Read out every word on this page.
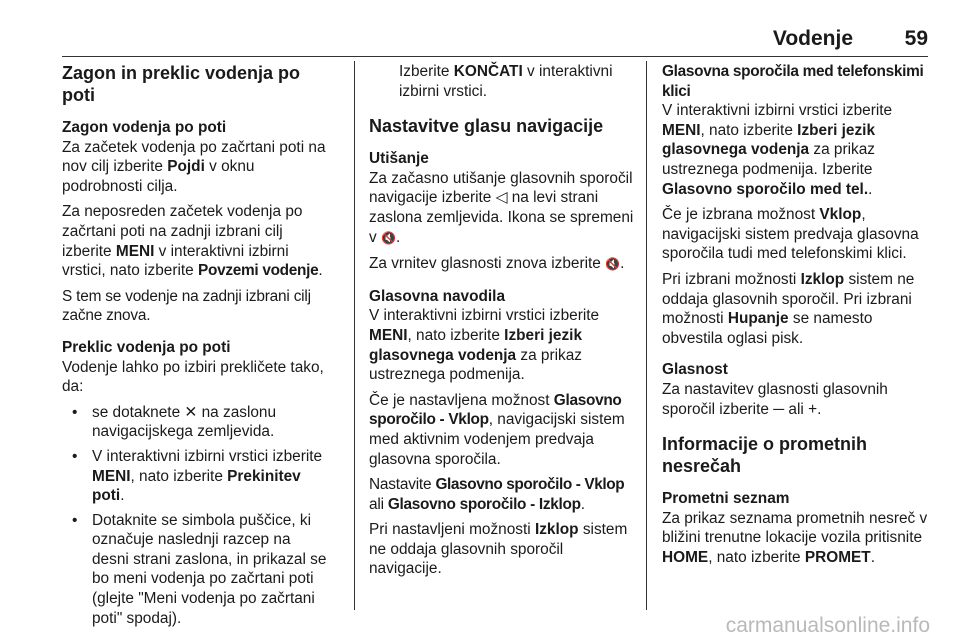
Vodenje	59
Zagon in preklic vodenja po poti
Zagon vodenja po poti

Za začetek vodenja po začrtani poti na nov cilj izberite Pojdi v oknu podrobnosti cilja.

Za neposreden začetek vodenja po začrtani poti na zadnji izbrani cilj izberite MENI v interaktivni izbirni vrstici, nato izberite Povzemi vodenje.

S tem se vodenje na zadnji izbrani cilj začne znova.

Preklic vodenja po poti

Vodenje lahko po izbiri prekličete tako, da:

• se dotaknete ✕ na zaslonu navigacijskega zemljevida.
• V interaktivni izbirni vrstici izberite MENI, nato izberite Prekinitev poti.
• Dotaknite se simbola puščice, ki označuje naslednji razcep na desni strani zaslona, in prikazal se bo meni vodenja po začrtani poti (glejte "Meni vodenja po začrtani poti" spodaj).

Izberite KONČATI v interaktivni izbirni vrstici.

Nastavitve glasu navigacije
Utišanje

Za začasno utišanje glasovnih sporočil navigacije izberite ◁ na levi strani zaslona zemljevida. Ikona se spremeni v 🔇.

Za vrnitev glasnosti znova izberite 🔇.

Glasovna navodila

V interaktivni izbirni vrstici izberite MENI, nato izberite Izberi jezik glasovnega vodenja za prikaz ustreznega podmenija.

Če je nastavljena možnost Glasovno sporočilo - Vklop, navigacijski sistem med aktivnim vodenjem predvaja glasovna sporočila.

Nastavite Glasovno sporočilo - Vklop ali Glasovno sporočilo - Izklop.

Pri nastavljeni možnosti Izklop sistem ne oddaja glasovnih sporočil navigacije.

Glasovna sporočila med telefonskimi klici

V interaktivni izbirni vrstici izberite MENI, nato izberite Izberi jezik glasovnega vodenja za prikaz ustreznega podmenija. Izberite Glasovno sporočilo med tel..

Če je izbrana možnost Vklop, navigacijski sistem predvaja glasovna sporočila tudi med telefonskimi klici.

Pri izbrani možnosti Izklop sistem ne oddaja glasovnih sporočil. Pri izbrani možnosti Hupanje se namesto obvestila oglasi pisk.

Glasnost

Za nastavitev glasnosti glasovnih sporočil izberite ─ ali +.

Informacije o prometnih nesrečah
Prometni seznam

Za prikaz seznama prometnih nesreč v bližini trenutne lokacije vozila pritisnite HOME, nato izberite PROMET.

carmanualsonline.info
